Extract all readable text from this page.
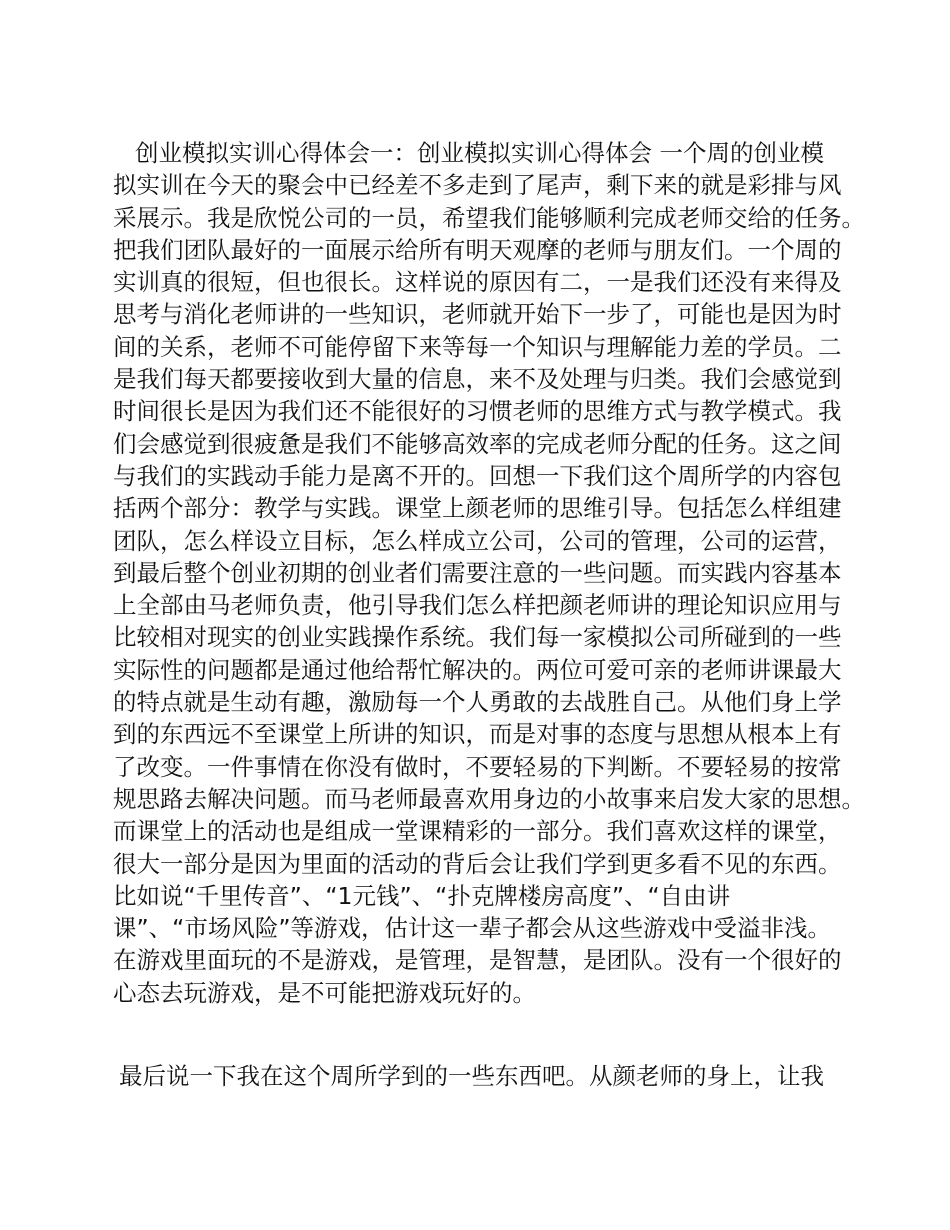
创业模拟实训心得体会一：创业模拟实训心得体会 一个周的创业模
拟实训在今天的聚会中已经差不多走到了尾声，剩下来的就是彩排与风
采展示。我是欣悦公司的一员，希望我们能够顺利完成老师交给的任务。
把我们团队最好的一面展示给所有明天观摩的老师与朋友们。一个周的
实训真的很短，但也很长。这样说的原因有二，一是我们还没有来得及
思考与消化老师讲的一些知识，老师就开始下一步了，可能也是因为时
间的关系，老师不可能停留下来等每一个知识与理解能力差的学员。二
是我们每天都要接收到大量的信息，来不及处理与归类。我们会感觉到
时间很长是因为我们还不能很好的习惯老师的思维方式与教学模式。我
们会感觉到很疲惫是我们不能够高效率的完成老师分配的任务。这之间
与我们的实践动手能力是离不开的。回想一下我们这个周所学的内容包
括两个部分：教学与实践。课堂上颜老师的思维引导。包括怎么样组建
团队，怎么样设立目标，怎么样成立公司，公司的管理，公司的运营，
到最后整个创业初期的创业者们需要注意的一些问题。而实践内容基本
上全部由马老师负责，他引导我们怎么样把颜老师讲的理论知识应用与
比较相对现实的创业实践操作系统。我们每一家模拟公司所碰到的一些
实际性的问题都是通过他给帮忙解决的。两位可爱可亲的老师讲课最大
的特点就是生动有趣，激励每一个人勇敢的去战胜自己。从他们身上学
到的东西远不至课堂上所讲的知识，而是对事的态度与思想从根本上有
了改变。一件事情在你没有做时，不要轻易的下判断。不要轻易的按常
规思路去解决问题。而马老师最喜欢用身边的小故事来启发大家的思想。
而课堂上的活动也是组成一堂课精彩的一部分。我们喜欢这样的课堂，
很大一部分是因为里面的活动的背后会让我们学到更多看不见的东西。
比如说“千里传音”、“1元钱”、“扑克牌楼房高度”、“自由讲
课”、“市场风险”等游戏，估计这一辈子都会从这些游戏中受溢非浅。
在游戏里面玩的不是游戏，是管理，是智慧，是团队。没有一个很好的
心态去玩游戏，是不可能把游戏玩好的。
最后说一下我在这个周所学到的一些东西吧。从颜老师的身上，让我
